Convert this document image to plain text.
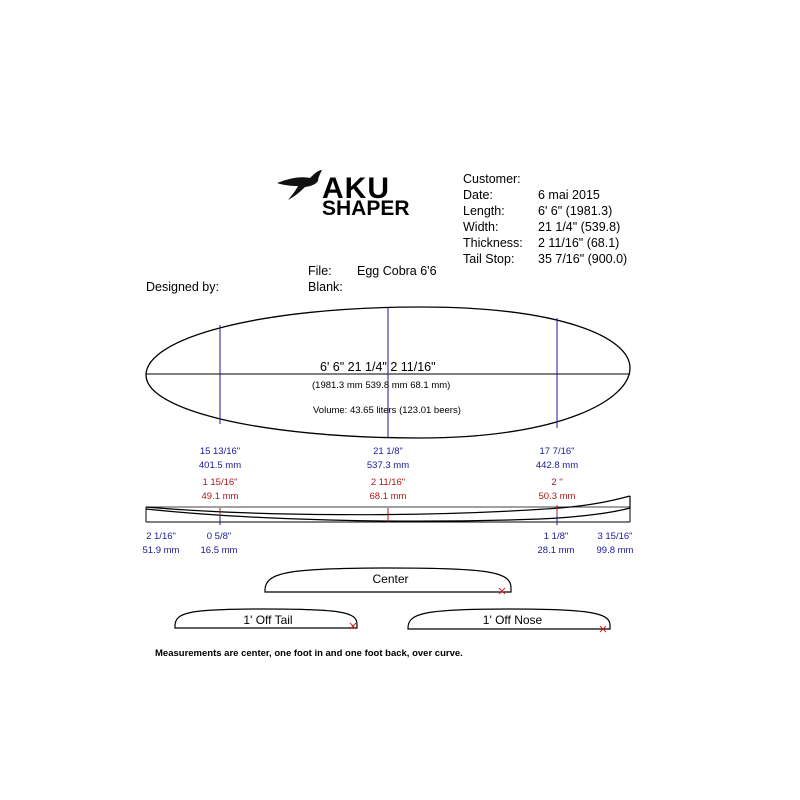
AKU
SHAPER
Customer:
Date:
Length:
Width:
Thickness:
Tail Stop:
6 mai 2015
6' 6" (1981.3)
21 1/4" (539.8)
2 11/16" (68.1)
35 7/16" (900.0)
File: Egg Cobra 6'6
Blank:
Designed by:
6' 6" 21 1/4" 2 11/16"
(1981.3 mm 539.8 mm 68.1 mm)
Volume: 43.65 liters (123.01 beers)
15 13/16"
401.5 mm
21 1/8"
537.3 mm
17 7/16"
442.8 mm
1 15/16"
49.1 mm
2 11/16"
68.1 mm
2 "
50.3 mm
2 1/16"
51.9 mm
0 5/8"
16.5 mm
1 1/8"
28.1 mm
3 15/16"
99.8 mm
Center
1' Off Tail	1' Off Nose
Measurements are center, one foot in and one foot back, over curve.
